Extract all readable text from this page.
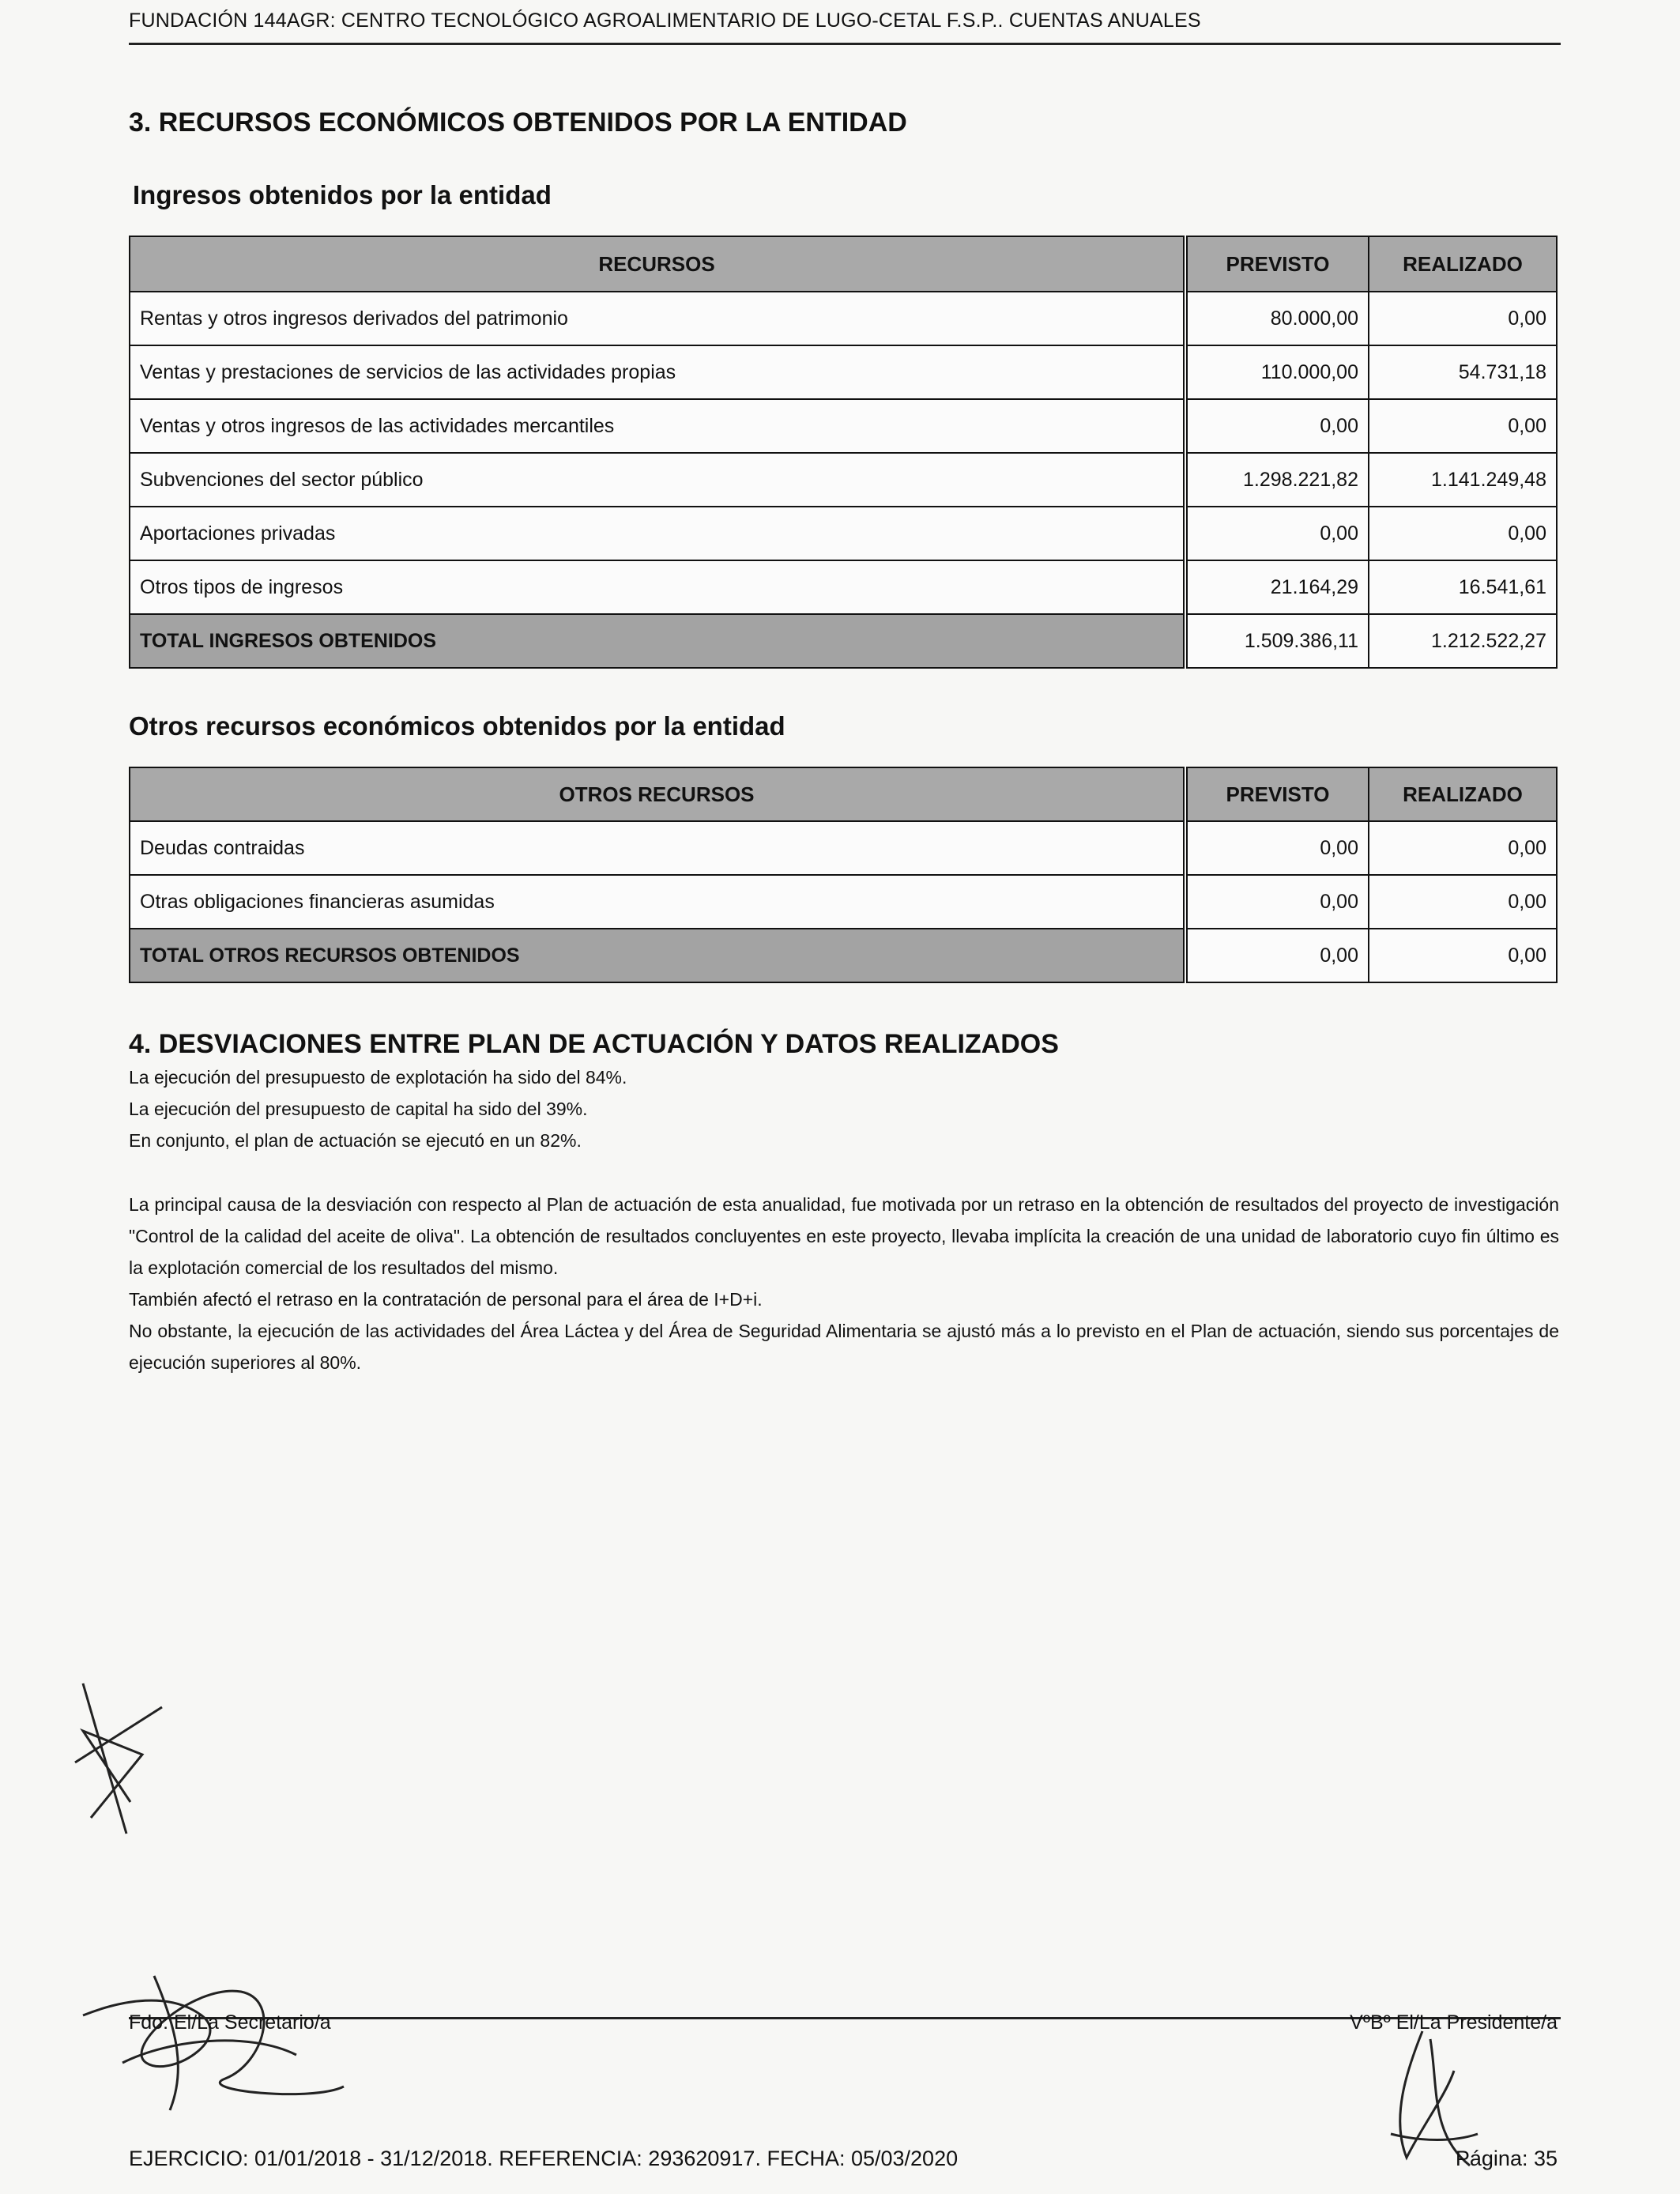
FUNDACIÓN 144AGR: CENTRO TECNOLÓGICO AGROALIMENTARIO DE LUGO-CETAL F.S.P.. CUENTAS ANUALES
3. RECURSOS ECONÓMICOS OBTENIDOS POR LA ENTIDAD
Ingresos obtenidos por la entidad
RECURSOS		PREVISTO	REALIZADO
Rentas y otros ingresos derivados del patrimonio		80.000,00	0,00
Ventas y prestaciones de servicios de las actividades propias		110.000,00	54.731,18
Ventas y otros ingresos de las actividades mercantiles		0,00	0,00
Subvenciones del sector público		1.298.221,82	1.141.249,48
Aportaciones privadas		0,00	0,00
Otros tipos de ingresos		21.164,29	16.541,61
TOTAL INGRESOS OBTENIDOS		1.509.386,11	1.212.522,27
Otros recursos económicos obtenidos por la entidad
OTROS RECURSOS		PREVISTO	REALIZADO
Deudas contraidas		0,00	0,00
Otras obligaciones financieras asumidas		0,00	0,00
TOTAL OTROS RECURSOS OBTENIDOS		0,00	0,00
4. DESVIACIONES ENTRE PLAN DE ACTUACIÓN Y DATOS REALIZADOS
La ejecución del presupuesto de explotación ha sido del 84%.
La ejecución del presupuesto de capital ha sido del 39%.
En conjunto, el plan de actuación se ejecutó en un 82%.
La principal causa de la desviación con respecto al Plan de actuación de esta anualidad, fue motivada por un retraso en la obtención de resultados del proyecto de investigación "Control de la calidad del aceite de oliva". La obtención de resultados concluyentes en este proyecto, llevaba implícita la creación de una unidad de laboratorio cuyo fin último es la explotación comercial de los resultados del mismo.
También afectó el retraso en la contratación de personal para el área de I+D+i.
No obstante, la ejecución de las actividades del Área Láctea y del Área de Seguridad Alimentaria se ajustó más a lo previsto en el Plan de actuación, siendo sus porcentajes de ejecución superiores al 80%.
Fdo: El/La Secretario/a	VºBº El/La Presidente/a
EJERCICIO: 01/01/2018 - 31/12/2018. REFERENCIA: 293620917. FECHA: 05/03/2020	Página: 35
